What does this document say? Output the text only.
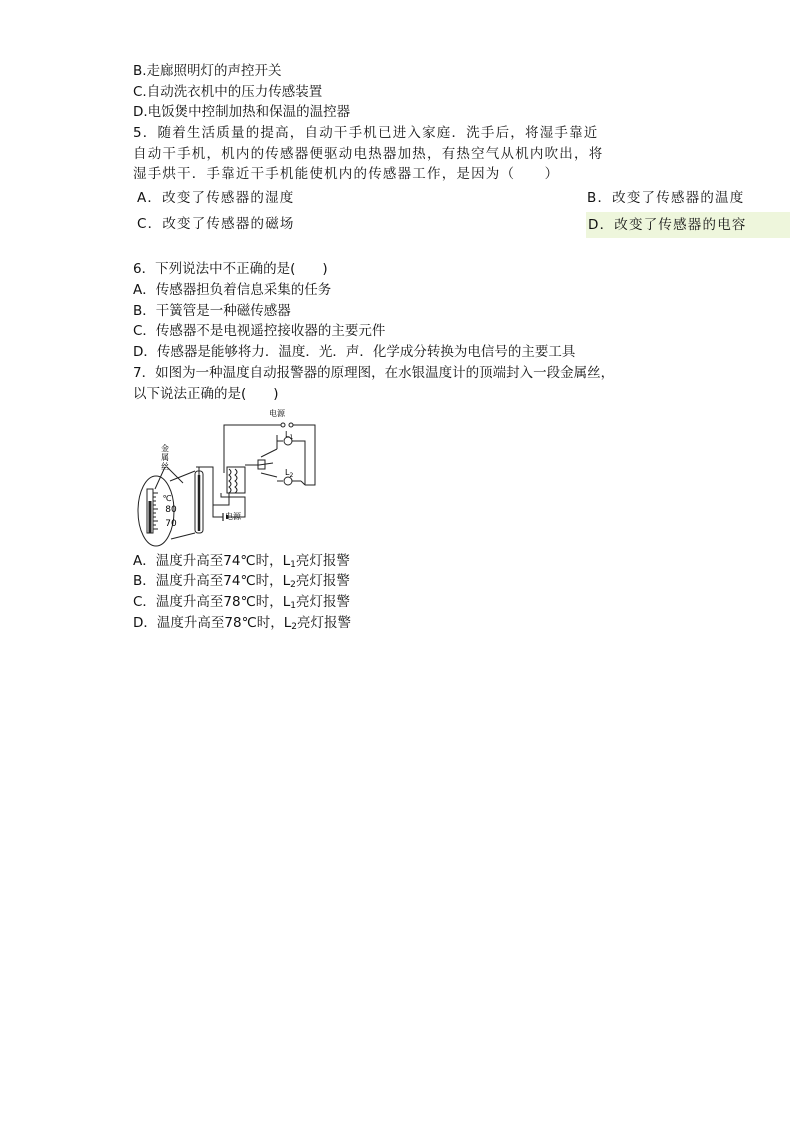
B.走廊照明灯的声控开关
C.自动洗衣机中的压力传感装置
D.电饭煲中控制加热和保温的温控器
5．随着生活质量的提高，自动干手机已进入家庭．洗手后，将湿手靠近
自动干手机，机内的传感器便驱动电热器加热，有热空气从机内吹出，将
湿手烘干．手靠近干手机能使机内的传感器工作，是因为（　　）
A．改变了传感器的湿度	B．改变了传感器的温度
C．改变了传感器的磁场	D．改变了传感器的电容
6．下列说法中不正确的是(　　)
A．传感器担负着信息采集的任务
B．干簧管是一种磁传感器
C．传感器不是电视遥控接收器的主要元件
D．传感器是能够将力．温度．光．声．化学成分转换为电信号的主要工具
7．如图为一种温度自动报警器的原理图，在水银温度计的顶端封入一段金属丝，
以下说法正确的是(　　)
电源
电源
金
属
丝
℃
80
70
$L_1$
$L_2$
A．温度升高至74℃时，$L_1$亮灯报警
B．温度升高至74℃时，$L_2$亮灯报警
C．温度升高至78℃时，$L_1$亮灯报警
D．温度升高至78℃时，$L_2$亮灯报警
